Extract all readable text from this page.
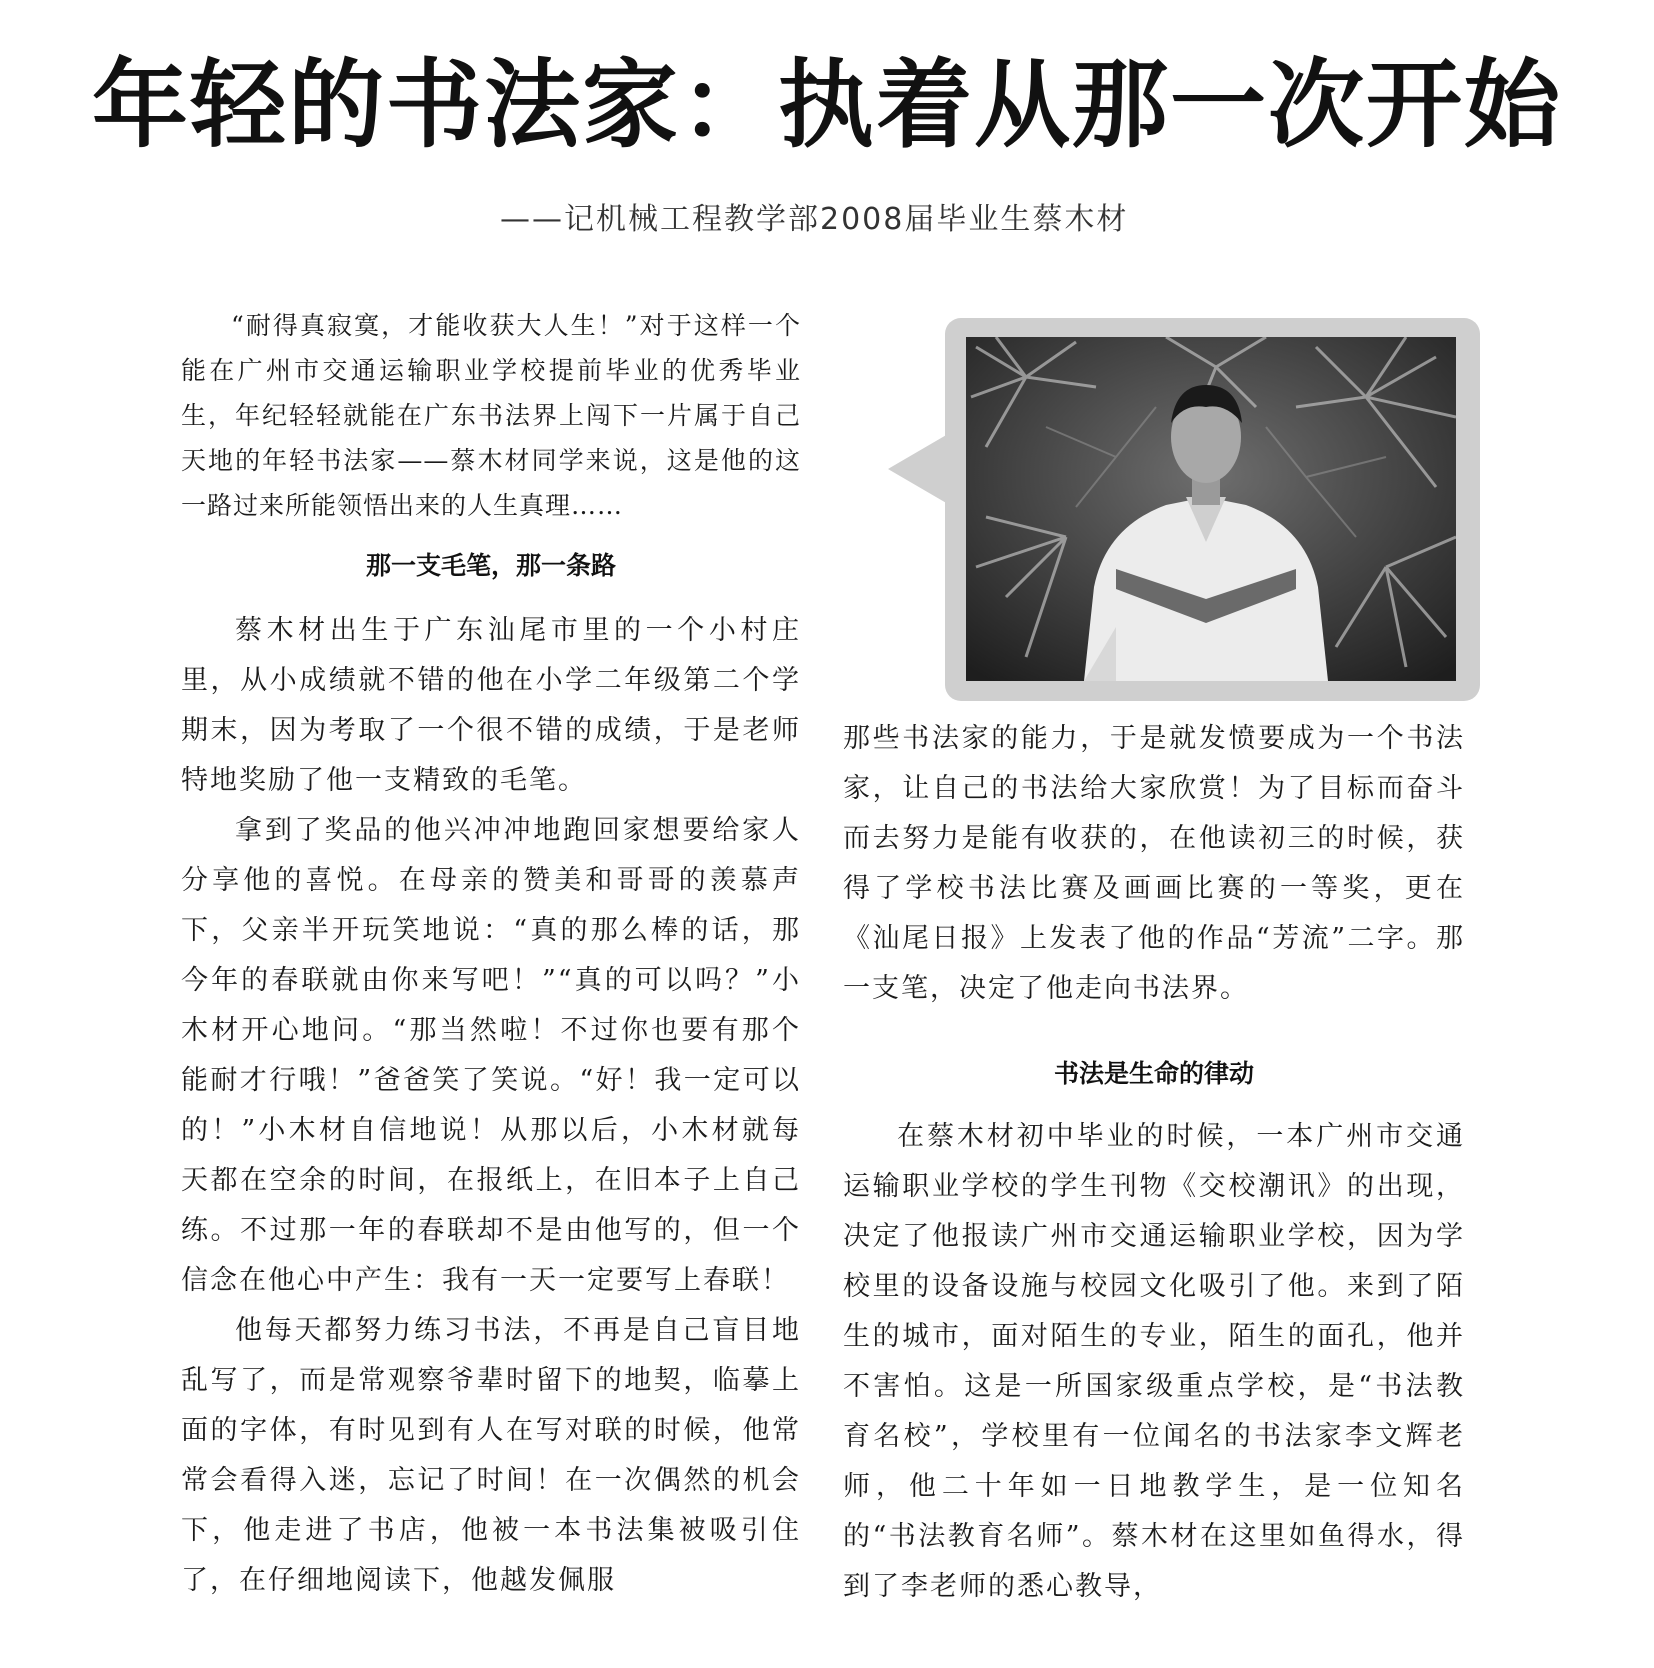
年轻的书法家：执着从那一次开始
——记机械工程教学部2008届毕业生蔡木材

“耐得真寂寞，才能收获大人生！”对于这样一个能在广州市交通运输职业学校提前毕业的优秀毕业生，年纪轻轻就能在广东书法界上闯下一片属于自己天地的年轻书法家——蔡木材同学来说，这是他的这一路过来所能领悟出来的人生真理……

那一支毛笔，那一条路

蔡木材出生于广东汕尾市里的一个小村庄里，从小成绩就不错的他在小学二年级第二个学期末，因为考取了一个很不错的成绩，于是老师特地奖励了他一支精致的毛笔。

拿到了奖品的他兴冲冲地跑回家想要给家人分享他的喜悦。在母亲的赞美和哥哥的羡慕声下，父亲半开玩笑地说：“真的那么棒的话，那今年的春联就由你来写吧！”“真的可以吗？”小木材开心地问。“那当然啦！不过你也要有那个能耐才行哦！”爸爸笑了笑说。“好！我一定可以的！”小木材自信地说！从那以后，小木材就每天都在空余的时间，在报纸上，在旧本子上自己练。不过那一年的春联却不是由他写的，但一个信念在他心中产生：我有一天一定要写上春联！

他每天都努力练习书法，不再是自己盲目地乱写了，而是常观察爷辈时留下的地契，临摹上面的字体，有时见到有人在写对联的时候，他常常会看得入迷，忘记了时间！在一次偶然的机会下，他走进了书店，他被一本书法集被吸引住了，在仔细地阅读下，他越发佩服

那些书法家的能力，于是就发愤要成为一个书法家，让自己的书法给大家欣赏！为了目标而奋斗而去努力是能有收获的，在他读初三的时候，获得了学校书法比赛及画画比赛的一等奖，更在《汕尾日报》上发表了他的作品“芳流”二字。那一支笔，决定了他走向书法界。

书法是生命的律动

在蔡木材初中毕业的时候，一本广州市交通运输职业学校的学生刊物《交校潮讯》的出现，决定了他报读广州市交通运输职业学校，因为学校里的设备设施与校园文化吸引了他。来到了陌生的城市，面对陌生的专业，陌生的面孔，他并不害怕。这是一所国家级重点学校，是“书法教育名校”，学校里有一位闻名的书法家李文辉老师，他二十年如一日地教学生，是一位知名的“书法教育名师”。蔡木材在这里如鱼得水，得到了李老师的悉心教导，
